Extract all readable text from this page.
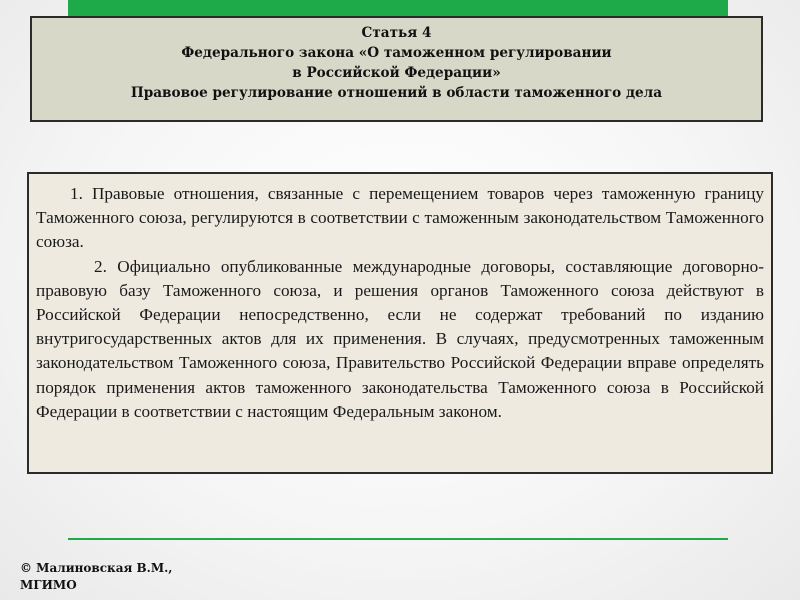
Статья 4
Федерального закона «О таможенном регулировании
в Российской Федерации»
Правовое регулирование отношений в области таможенного дела

1. Правовые отношения, связанные с перемещением товаров через таможенную границу Таможенного союза, регулируются в соответствии с таможенным законодательством Таможенного союза.

2. Официально опубликованные международные договоры, составляющие договорно-правовую базу Таможенного союза, и решения органов Таможенного союза действуют в Российской Федерации непосредственно, если не содержат требований по изданию внутригосударственных актов для их применения. В случаях, предусмотренных таможенным законодательством Таможенного союза, Правительство Российской Федерации вправе определять порядок применения актов таможенного законодательства Таможенного союза в Российской Федерации в соответствии с настоящим Федеральным законом.

© Малиновская В.М.,
МГИМО
